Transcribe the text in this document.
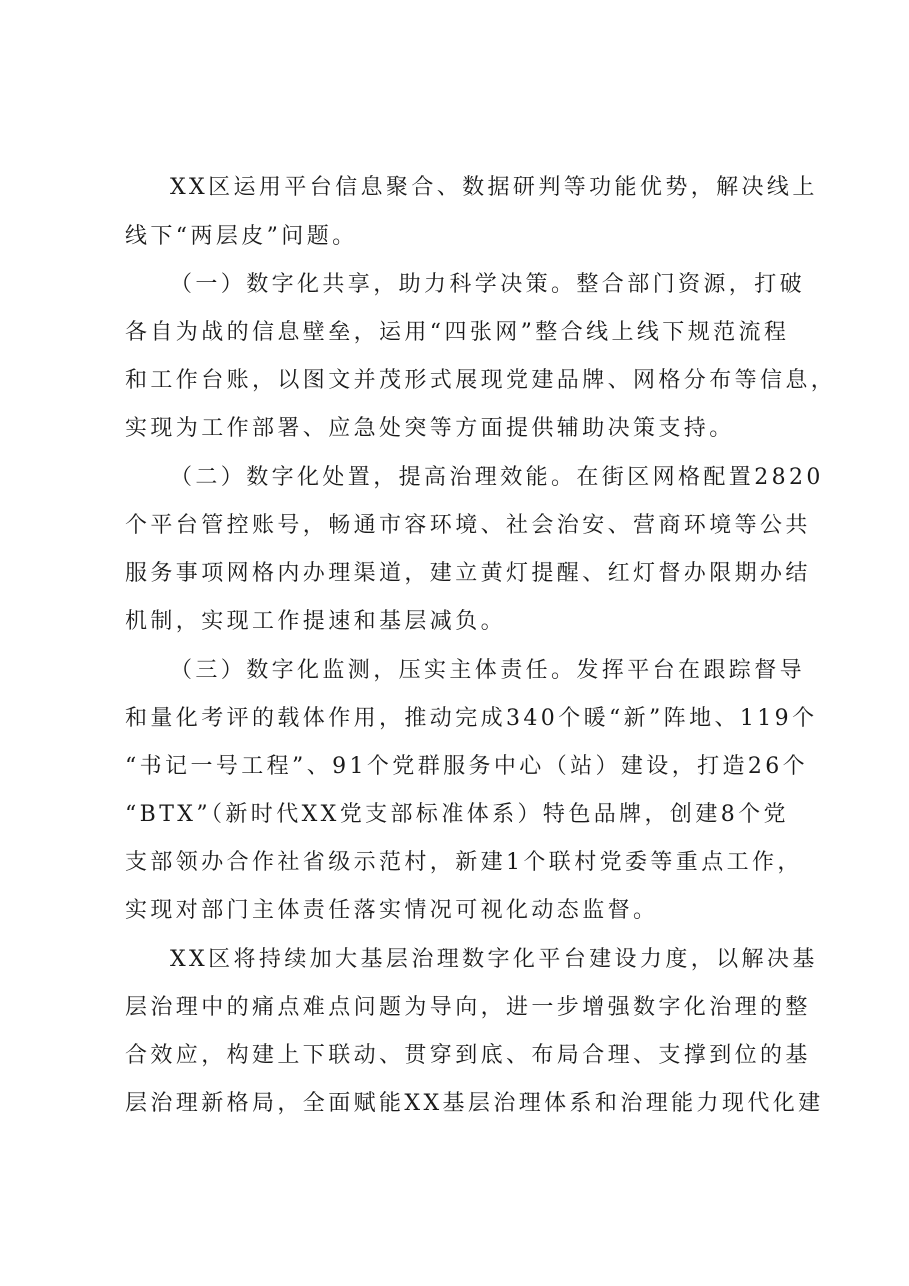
XX区运用平台信息聚合、数据研判等功能优势，解决线上
线下“两层皮”问题。
（一）数字化共享，助力科学决策。整合部门资源，打破
各自为战的信息壁垒，运用“四张网”整合线上线下规范流程
和工作台账，以图文并茂形式展现党建品牌、网格分布等信息，
实现为工作部署、应急处突等方面提供辅助决策支持。
（二）数字化处置，提高治理效能。在街区网格配置2820
个平台管控账号，畅通市容环境、社会治安、营商环境等公共
服务事项网格内办理渠道，建立黄灯提醒、红灯督办限期办结
机制，实现工作提速和基层减负。
（三）数字化监测，压实主体责任。发挥平台在跟踪督导
和量化考评的载体作用，推动完成340个暖“新”阵地、119个
“书记一号工程”、91个党群服务中心（站）建设，打造26个
“BTX”（新时代XX党支部标准体系）特色品牌，创建8个党
支部领办合作社省级示范村，新建1个联村党委等重点工作，
实现对部门主体责任落实情况可视化动态监督。
XX区将持续加大基层治理数字化平台建设力度，以解决基
层治理中的痛点难点问题为导向，进一步增强数字化治理的整
合效应，构建上下联动、贯穿到底、布局合理、支撑到位的基
层治理新格局，全面赋能XX基层治理体系和治理能力现代化建
